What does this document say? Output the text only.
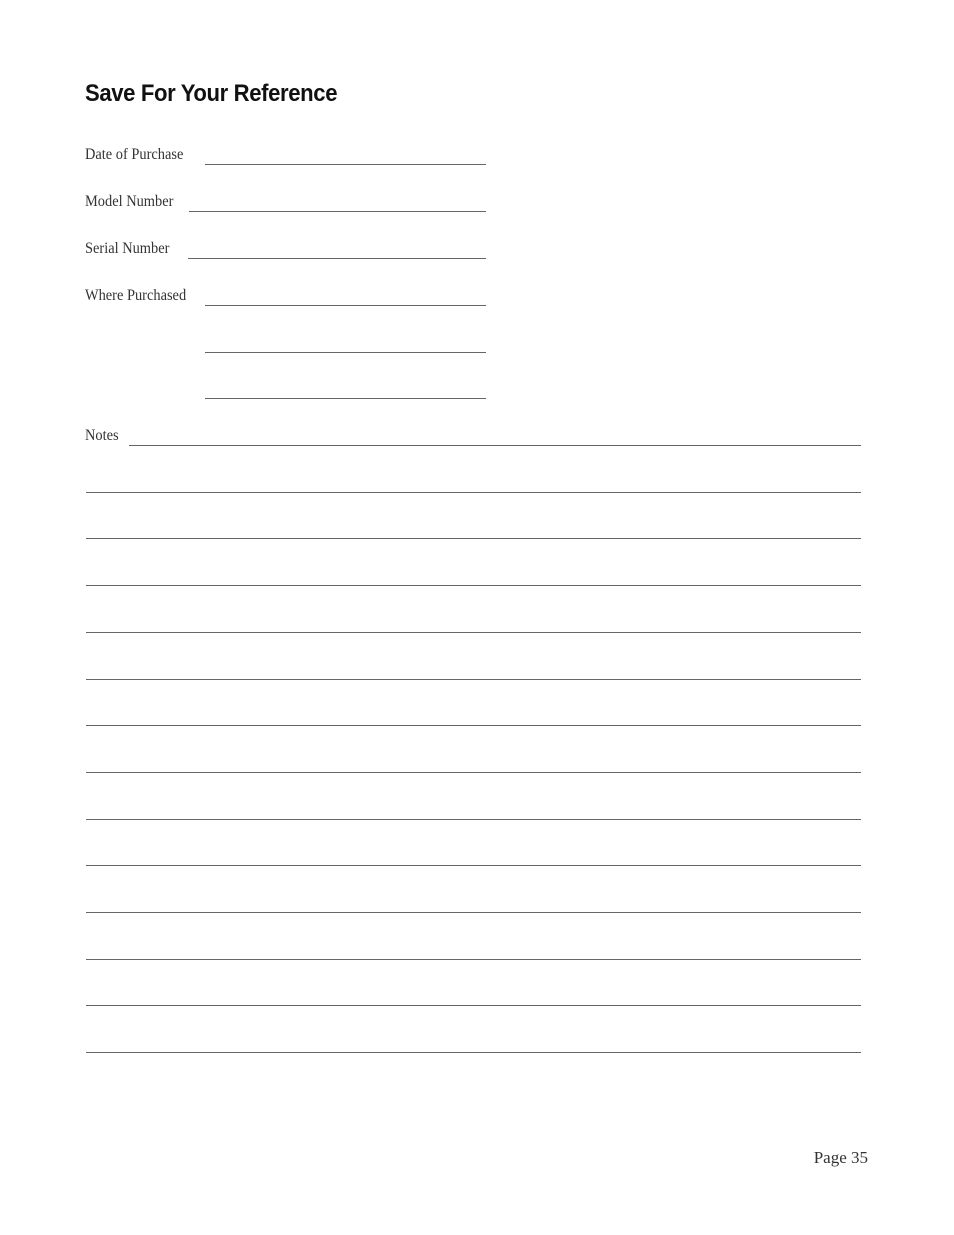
Save For Your Reference
Date of Purchase
Model Number
Serial Number
Where Purchased
Notes
Page 35
